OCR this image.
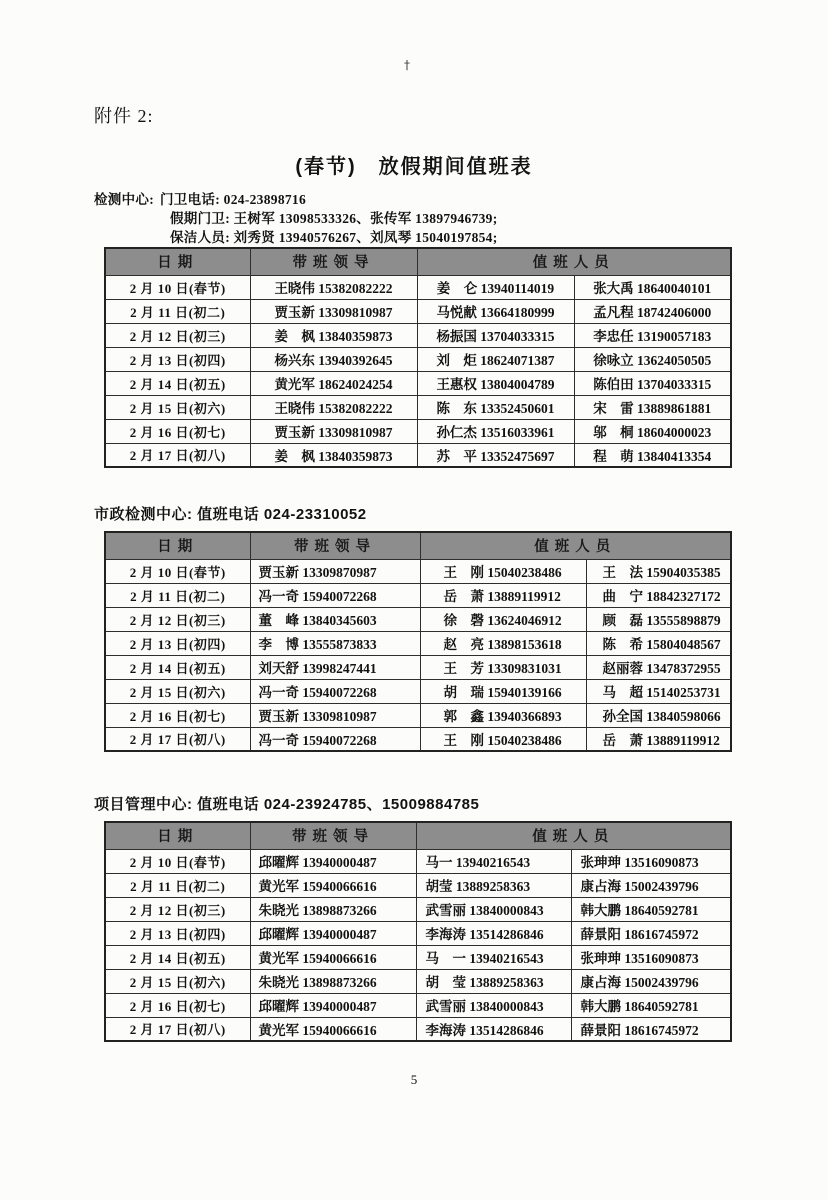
†
附件 2:
(春节)　放假期间值班表
检测中心: 门卫电话: 024-23898716
假期门卫: 王树军 13098533326、张传军 13897946739;
保洁人员: 刘秀贤 13940576267、刘凤琴 15040197854;
日期	带班领导	值班人员	
2 月 10 日(春节)	王晓伟 15382082222	姜　仑 13940114019	张大禹 18640040101
2 月 11 日(初二)	贾玉新 13309810987	马悦献 13664180999	孟凡程 18742406000
2 月 12 日(初三)	姜　枫 13840359873	杨振国 13704033315	李忠任 13190057183
2 月 13 日(初四)	杨兴东 13940392645	刘　炬 18624071387	徐咏立 13624050505
2 月 14 日(初五)	黄光军 18624024254	王惠权 13804004789	陈伯田 13704033315
2 月 15 日(初六)	王晓伟 15382082222	陈　东 13352450601	宋　雷 13889861881
2 月 16 日(初七)	贾玉新 13309810987	孙仁杰 13516033961	邬　桐 18604000023
2 月 17 日(初八)	姜　枫 13840359873	苏　平 13352475697	程　萌 13840413354
市政检测中心: 值班电话 024-23310052
日期	带班领导	值班人员	
2 月 10 日(春节)	贾玉新 13309870987	王　刚 15040238486	王　法 15904035385
2 月 11 日(初二)	冯一奇 15940072268	岳　萧 13889119912	曲　宁 18842327172
2 月 12 日(初三)	董　峰 13840345603	徐　磬 13624046912	顾　磊 13555898879
2 月 13 日(初四)	李　博 13555873833	赵　亮 13898153618	陈　希 15804048567
2 月 14 日(初五)	刘天舒 13998247441	王　芳 13309831031	赵丽蓉 13478372955
2 月 15 日(初六)	冯一奇 15940072268	胡　瑞 15940139166	马　超 15140253731
2 月 16 日(初七)	贾玉新 13309810987	郭　鑫 13940366893	孙全国 13840598066
2 月 17 日(初八)	冯一奇 15940072268	王　刚 15040238486	岳　萧 13889119912
项目管理中心: 值班电话 024-23924785、15009884785
日期	带班领导	值班人员	
2 月 10 日(春节)	邱曜辉 13940000487	马一 13940216543	张珅珅 13516090873
2 月 11 日(初二)	黄光军 15940066616	胡莹 13889258363	康占海 15002439796
2 月 12 日(初三)	朱晓光 13898873266	武雪丽 13840000843	韩大鹏 18640592781
2 月 13 日(初四)	邱曜辉 13940000487	李海涛 13514286846	薛景阳 18616745972
2 月 14 日(初五)	黄光军 15940066616	马　一 13940216543	张珅珅 13516090873
2 月 15 日(初六)	朱晓光 13898873266	胡　莹 13889258363	康占海 15002439796
2 月 16 日(初七)	邱曜辉 13940000487	武雪丽 13840000843	韩大鹏 18640592781
2 月 17 日(初八)	黄光军 15940066616	李海涛 13514286846	薛景阳 18616745972
5
